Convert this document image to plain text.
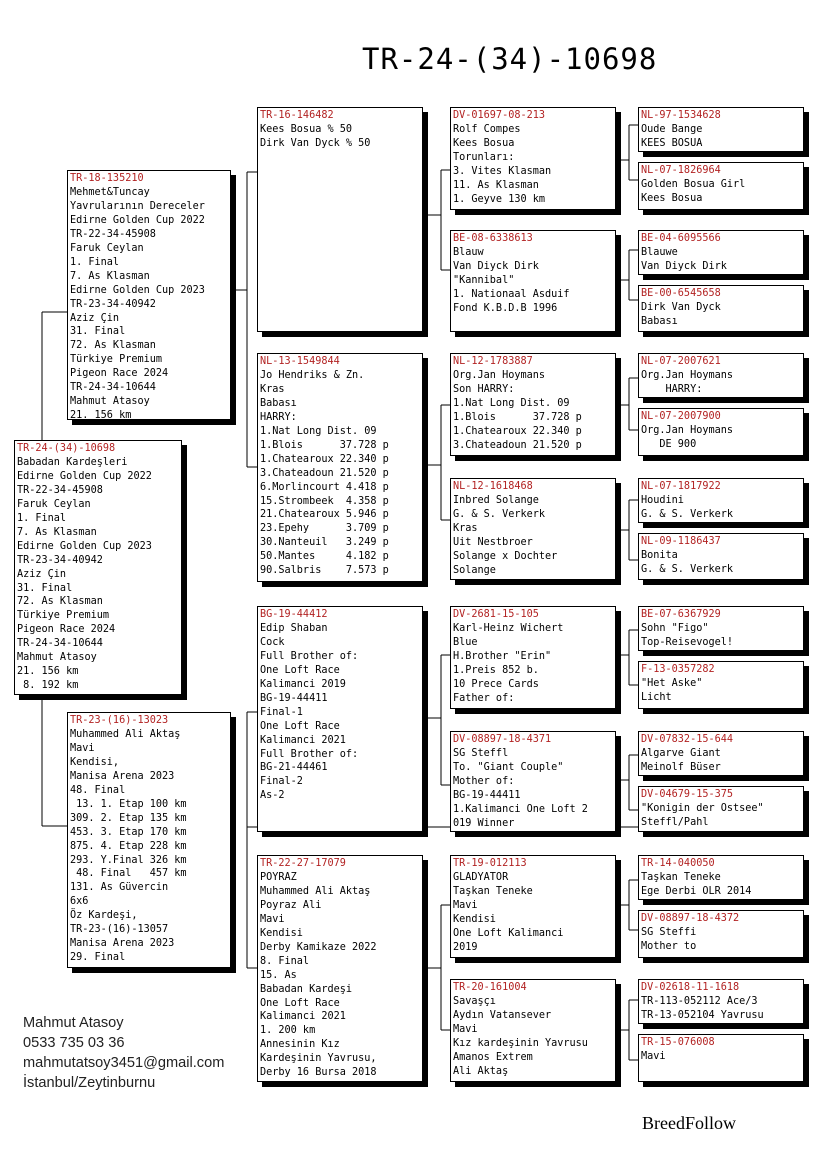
TR-24-(34)-10698
TR-24-(34)-10698
Babadan Kardeşleri
Edirne Golden Cup 2022
TR-22-34-45908
Faruk Ceylan
1. Final
7. As Klasman
Edirne Golden Cup 2023
TR-23-34-40942
Aziz Çin
31. Final
72. As Klasman
Türkiye Premium
Pigeon Race 2024
TR-24-34-10644
Mahmut Atasoy
21. 156 km
8. 192 km
TR-18-135210
Mehmet&Tuncay
Yavrularının Dereceler
Edirne Golden Cup 2022
TR-22-34-45908
Faruk Ceylan
1. Final
7. As Klasman
Edirne Golden Cup 2023
TR-23-34-40942
Aziz Çin
31. Final
72. As Klasman
Türkiye Premium
Pigeon Race 2024
TR-24-34-10644
Mahmut Atasoy
21. 156 km
TR-23-(16)-13023
Muhammed Ali Aktaş
Mavi
Kendisi,
Manisa Arena 2023
48. Final
13. 1. Etap 100 km
309. 2. Etap 135 km
453. 3. Etap 170 km
875. 4. Etap 228 km
293. Y.Final 326 km
48. Final   457 km
131. As Güvercin
6x6
Öz Kardeşi,
TR-23-(16)-13057
Manisa Arena 2023
29. Final
TR-16-146482
Kees Bosua % 50
Dirk Van Dyck % 50
NL-13-1549844
Jo Hendriks & Zn.
Kras
Babası
HARRY:
1.Nat Long Dist. 09
1.Blois      37.728 p
1.Chatearoux 22.340 p
3.Chateadoun 21.520 p
6.Morlincourt 4.418 p
15.Strombeek  4.358 p
21.Chatearoux 5.946 p
23.Epehy      3.709 p
30.Nanteuil   3.249 p
50.Mantes     4.182 p
90.Salbris    7.573 p
BG-19-44412
Edip Shaban
Cock
Full Brother of:
One Loft Race
Kalimanci 2019
BG-19-44411
Final-1
One Loft Race
Kalimanci 2021
Full Brother of:
BG-21-44461
Final-2
As-2
TR-22-27-17079
POYRAZ
Muhammed Ali Aktaş
Poyraz Ali
Mavi
Kendisi
Derby Kamikaze 2022
8. Final
15. As
Babadan Kardeşi
One Loft Race
Kalimanci 2021
1. 200 km
Annesinin Kız
Kardeşinin Yavrusu,
Derby 16 Bursa 2018
DV-01697-08-213
Rolf Compes
Kees Bosua
Torunları:
3. Vites Klasman
11. As Klasman
1. Geyve 130 km
BE-08-6338613
Blauw
Van Diyck Dirk
"Kannibal"
1. Nationaal Asduif
Fond K.B.D.B 1996
NL-12-1783887
Org.Jan Hoymans
Son HARRY:
1.Nat Long Dist. 09
1.Blois      37.728 p
1.Chatearoux 22.340 p
3.Chateadoun 21.520 p
NL-12-1618468
Inbred Solange
G. & S. Verkerk
Kras
Uit Nestbroer
Solange x Dochter
Solange
DV-2681-15-105
Karl-Heinz Wichert
Blue
H.Brother "Erin"
1.Preis 852 b.
10 Prece Cards
Father of:
DV-08897-18-4371
SG Steffl
To. "Giant Couple"
Mother of:
BG-19-44411
1.Kalimanci One Loft 2
019 Winner
TR-19-012113
GLADYATOR
Taşkan Teneke
Mavi
Kendisi
One Loft Kalimanci
2019
TR-20-161004
Savaşçı
Aydın Vatansever
Mavi
Kız kardeşinin Yavrusu
Amanos Extrem
Ali Aktaş
NL-97-1534628
Oude Bange
KEES BOSUA
NL-07-1826964
Golden Bosua Girl
Kees Bosua
BE-04-6095566
Blauwe
Van Diyck Dirk
BE-00-6545658
Dirk Van Dyck
Babası
NL-07-2007621
Org.Jan Hoymans
HARRY:
NL-07-2007900
Org.Jan Hoymans
DE 900
NL-07-1817922
Houdini
G. & S. Verkerk
NL-09-1186437
Bonita
G. & S. Verkerk
BE-07-6367929
Sohn "Figo"
Top-Reisevogel!
F-13-0357282
"Het Aske"
Licht
DV-07832-15-644
Algarve Giant
Meinolf Büser
DV-04679-15-375
"Konigin der Ostsee"
Steffl/Pahl
TR-14-040050
Taşkan Teneke
Ege Derbi OLR 2014
DV-08897-18-4372
SG Steffi
Mother to
DV-02618-11-1618
TR-113-052112 Ace/3
TR-13-052104 Yavrusu
TR-15-076008
Mavi
Mahmut Atasoy
0533 735 03 36
mahmutatsoy3451@gmail.com
İstanbul/Zeytinburnu
BreedFollow
